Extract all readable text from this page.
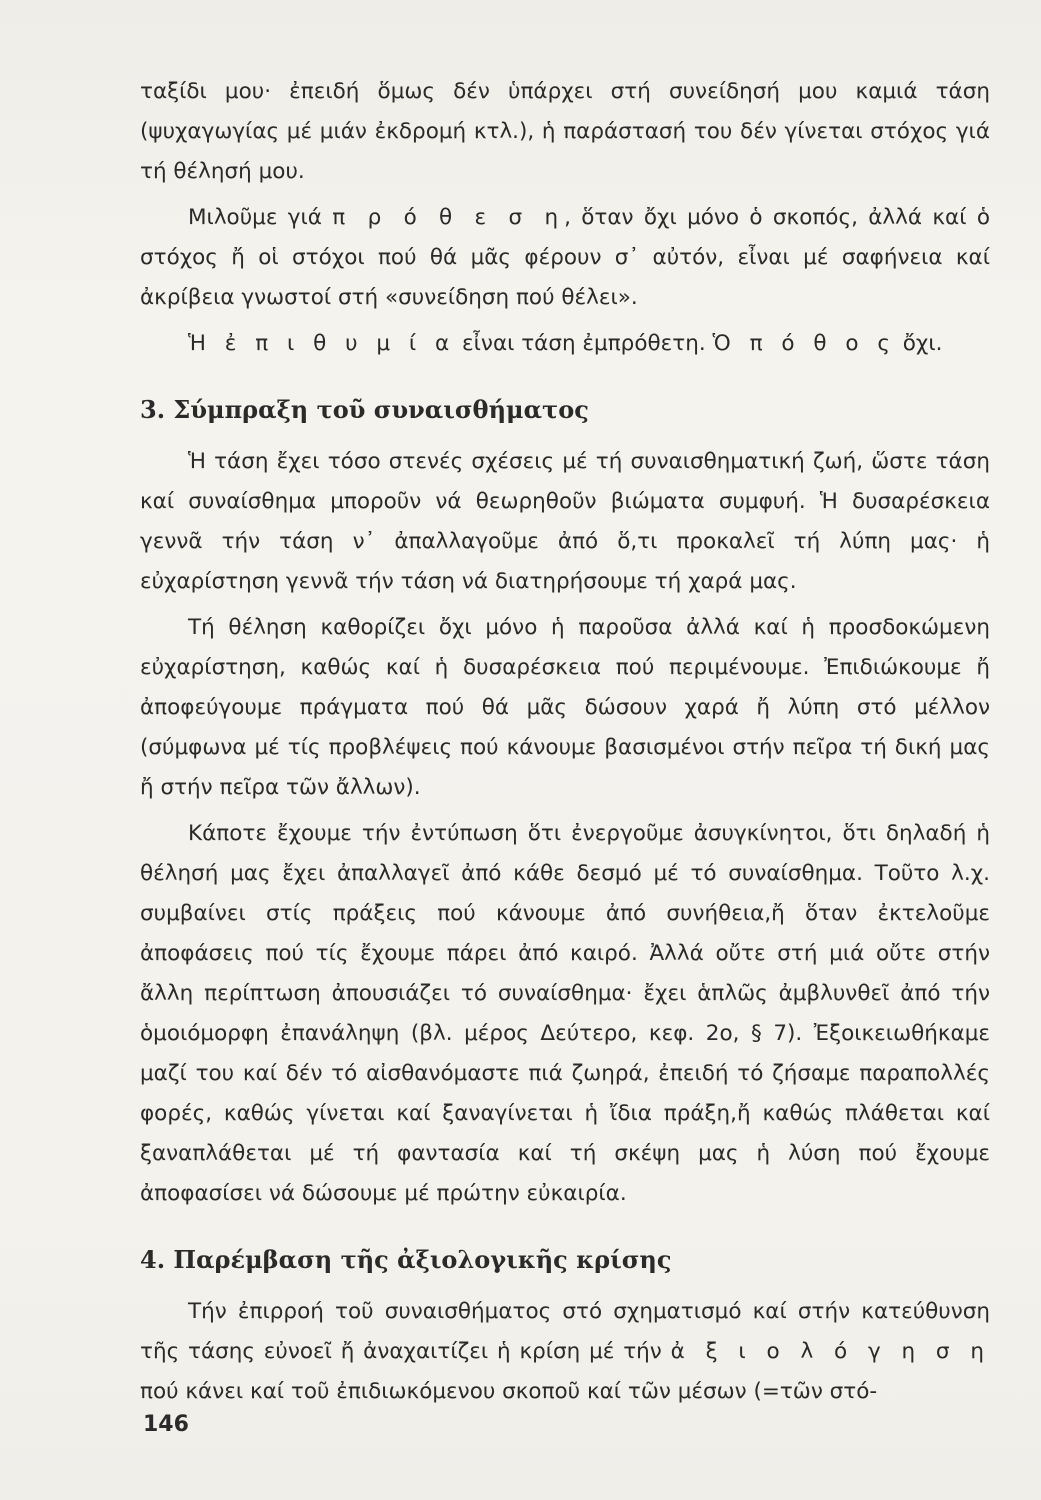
ταξίδι μου· ἐπειδή ὅμως δέν ὑπάρχει στή συνείδησή μου καμιά τάση (ψυχαγωγίας μέ μιάν ἐκδρομή κτλ.), ἡ παράστασή του δέν γίνεται στόχος γιά τή θέλησή μου.

Μιλοῦμε γιά π ρ ό θ ε σ η, ὅταν ὄχι μόνο ὁ σκοπός, ἀλλά καί ὁ στόχος ἤ οἱ στόχοι πού θά μᾶς φέρουν σ᾽ αὐτόν, εἶναι μέ σαφήνεια καί ἀκρίβεια γνωστοί στή «συνείδηση πού θέλει».

Ἡ ἐ π ι θ υ μ ί α εἶναι τάση ἐμπρόθετη. Ὁ π ό θ ο ς ὄχι.

3. Σύμπραξη τοῦ συναισθήματος

Ἡ τάση ἔχει τόσο στενές σχέσεις μέ τή συναισθηματική ζωή, ὥστε τάση καί συναίσθημα μποροῦν νά θεωρηθοῦν βιώματα συμφυή. Ἡ δυσαρέσκεια γεννᾶ τήν τάση ν᾽ ἀπαλλαγοῦμε ἀπό ὅ,τι προκαλεῖ τή λύπη μας· ἡ εὐχαρίστηση γεννᾶ τήν τάση νά διατηρήσουμε τή χαρά μας.

Τή θέληση καθορίζει ὄχι μόνο ἡ παροῦσα ἀλλά καί ἡ προσδοκώμενη εὐχαρίστηση, καθώς καί ἡ δυσαρέσκεια πού περιμένουμε. Ἐπιδιώκουμε ἤ ἀποφεύγουμε πράγματα πού θά μᾶς δώσουν χαρά ἤ λύπη στό μέλλον (σύμφωνα μέ τίς προβλέψεις πού κάνουμε βασισμένοι στήν πεῖρα τή δική μας ἤ στήν πεῖρα τῶν ἄλλων).

Κάποτε ἔχουμε τήν ἐντύπωση ὅτι ἐνεργοῦμε ἀσυγκίνητοι, ὅτι δηλαδή ἡ θέλησή μας ἔχει ἀπαλλαγεῖ ἀπό κάθε δεσμό μέ τό συναίσθημα. Τοῦτο λ.χ. συμβαίνει στίς πράξεις πού κάνουμε ἀπό συνήθεια,ἤ ὅταν ἐκτελοῦμε ἀποφάσεις πού τίς ἔχουμε πάρει ἀπό καιρό. Ἀλλά οὔτε στή μιά οὔτε στήν ἄλλη περίπτωση ἀπουσιάζει τό συναίσθημα· ἔχει ἁπλῶς ἀμβλυνθεῖ ἀπό τήν ὁμοιόμορφη ἐπανάληψη (βλ. μέρος Δεύτερο, κεφ. 2ο, § 7). Ἐξοικειωθήκαμε μαζί του καί δέν τό αἰσθανόμαστε πιά ζωηρά, ἐπειδή τό ζήσαμε παραπολλές φορές, καθώς γίνεται καί ξαναγίνεται ἡ ἴδια πράξη,ἤ καθώς πλάθεται καί ξαναπλάθεται μέ τή φαντασία καί τή σκέψη μας ἡ λύση πού ἔχουμε ἀποφασίσει νά δώσουμε μέ πρώτην εὐκαιρία.

4. Παρέμβαση τῆς ἀξιολογικῆς κρίσης

Τήν ἐπιρροή τοῦ συναισθήματος στό σχηματισμό καί στήν κατεύθυνση τῆς τάσης εὐνοεῖ ἤ ἀναχαιτίζει ἡ κρίση μέ τήν ἀ ξ ι ο λ ό γ η σ η πού κάνει καί τοῦ ἐπιδιωκόμενου σκοποῦ καί τῶν μέσων (=τῶν στό-

146
